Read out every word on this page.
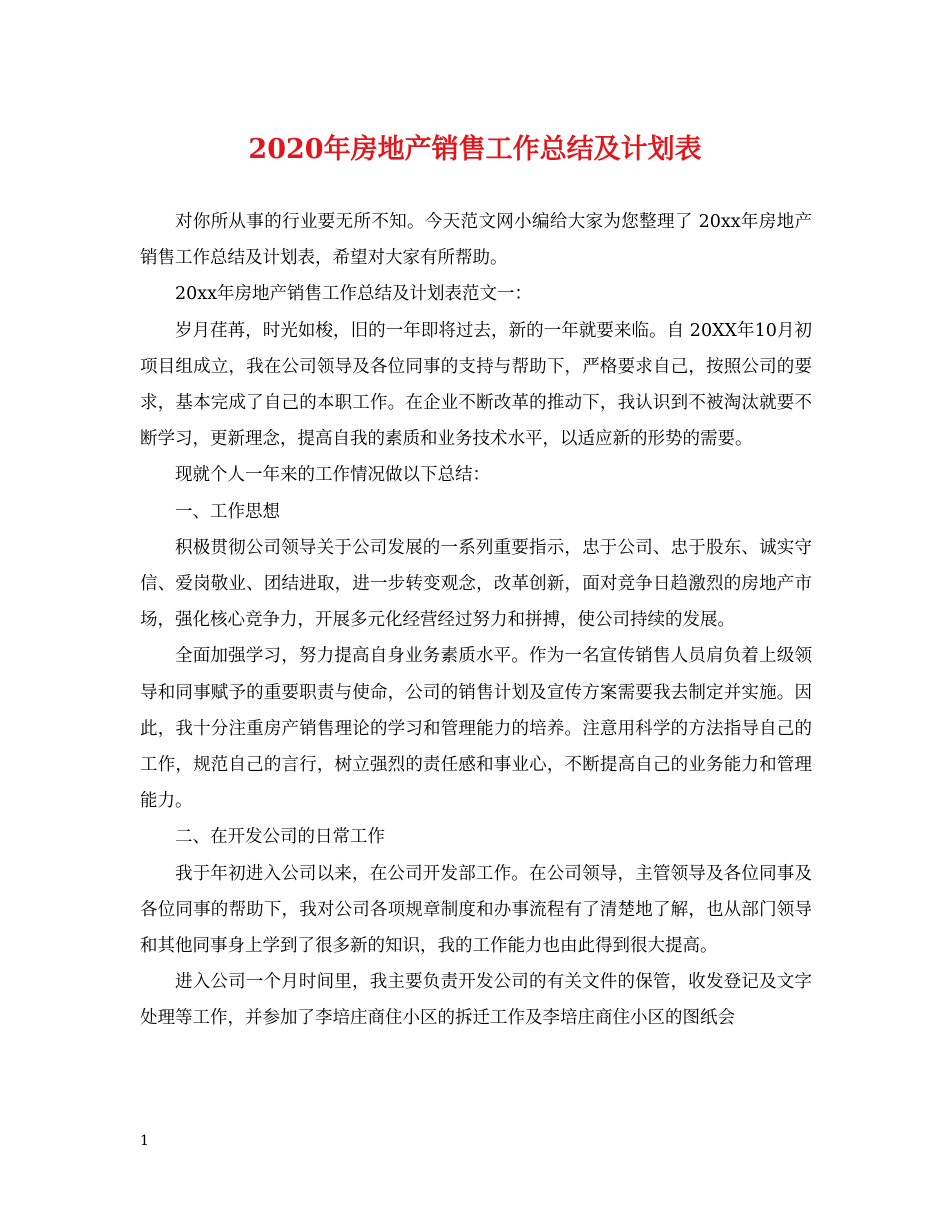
2020年房地产销售工作总结及计划表

对你所从事的行业要无所不知。今天范文网小编给大家为您整理了 20xx年房地产销售工作总结及计划表，希望对大家有所帮助。

20xx年房地产销售工作总结及计划表范文一：

岁月荏苒，时光如梭，旧的一年即将过去，新的一年就要来临。自 20XX年10月初项目组成立，我在公司领导及各位同事的支持与帮助下，严格要求自己，按照公司的要求，基本完成了自己的本职工作。在企业不断改革的推动下，我认识到不被淘汰就要不断学习，更新理念，提高自我的素质和业务技术水平，以适应新的形势的需要。

现就个人一年来的工作情况做以下总结：

一、工作思想

积极贯彻公司领导关于公司发展的一系列重要指示，忠于公司、忠于股东、诚实守信、爱岗敬业、团结进取，进一步转变观念，改革创新，面对竞争日趋激烈的房地产市场，强化核心竞争力，开展多元化经营经过努力和拼搏，使公司持续的发展。

全面加强学习，努力提高自身业务素质水平。作为一名宣传销售人员肩负着上级领导和同事赋予的重要职责与使命，公司的销售计划及宣传方案需要我去制定并实施。因此，我十分注重房产销售理论的学习和管理能力的培养。注意用科学的方法指导自己的工作，规范自己的言行，树立强烈的责任感和事业心，不断提高自己的业务能力和管理能力。

二、在开发公司的日常工作

我于年初进入公司以来，在公司开发部工作。在公司领导，主管领导及各位同事及各位同事的帮助下，我对公司各项规章制度和办事流程有了清楚地了解，也从部门领导和其他同事身上学到了很多新的知识，我的工作能力也由此得到很大提高。

进入公司一个月时间里，我主要负责开发公司的有关文件的保管，收发登记及文字处理等工作，并参加了李培庄商住小区的拆迁工作及李培庄商住小区的图纸会

1
